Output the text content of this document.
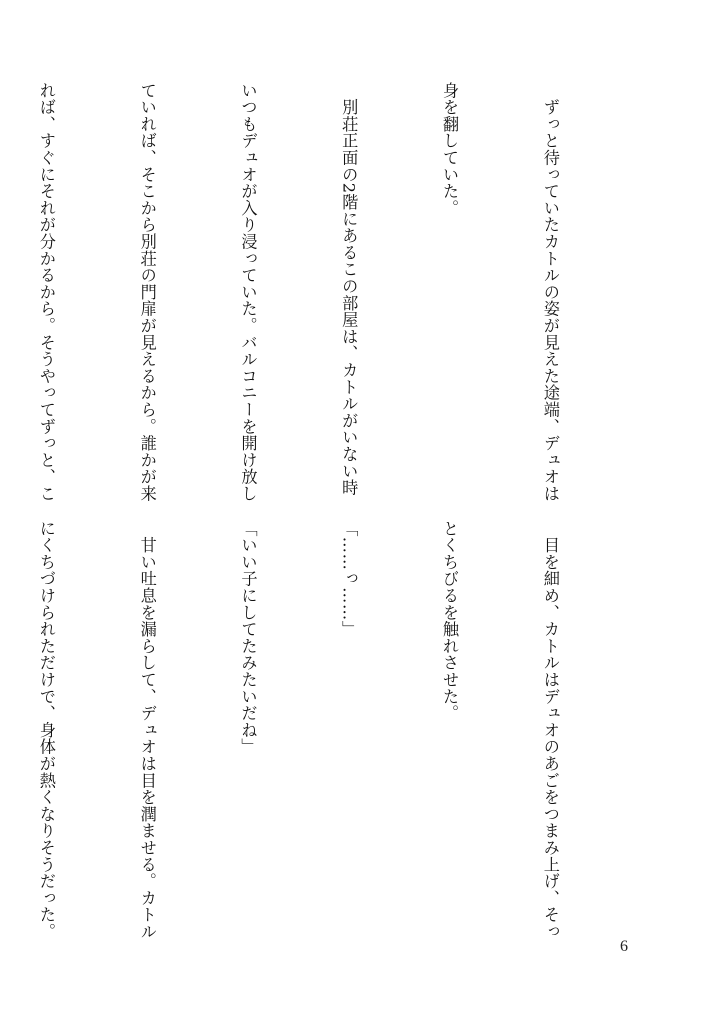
　ずっと待っていたカトルの姿が見えた途端、デュオは

身を翻していた。

　別荘正面の2階にあるこの部屋は、カトルがいない時

いつもデュオが入り浸っていた。バルコニーを開け放し

ていれば、そこから別荘の門扉が見えるから。誰かが来

れば、すぐにそれが分かるから。そうやってずっと、こ

　目を細め、カトルはデュオのあごをつまみ上げ、そっ

とくちびるを触れさせた。

「……っ……」

「いい子にしてたみたいだね」

　甘い吐息を漏らして、デュオは目を潤ませる。カトル

にくちづけられただけで、身体が熱くなりそうだった。

6
